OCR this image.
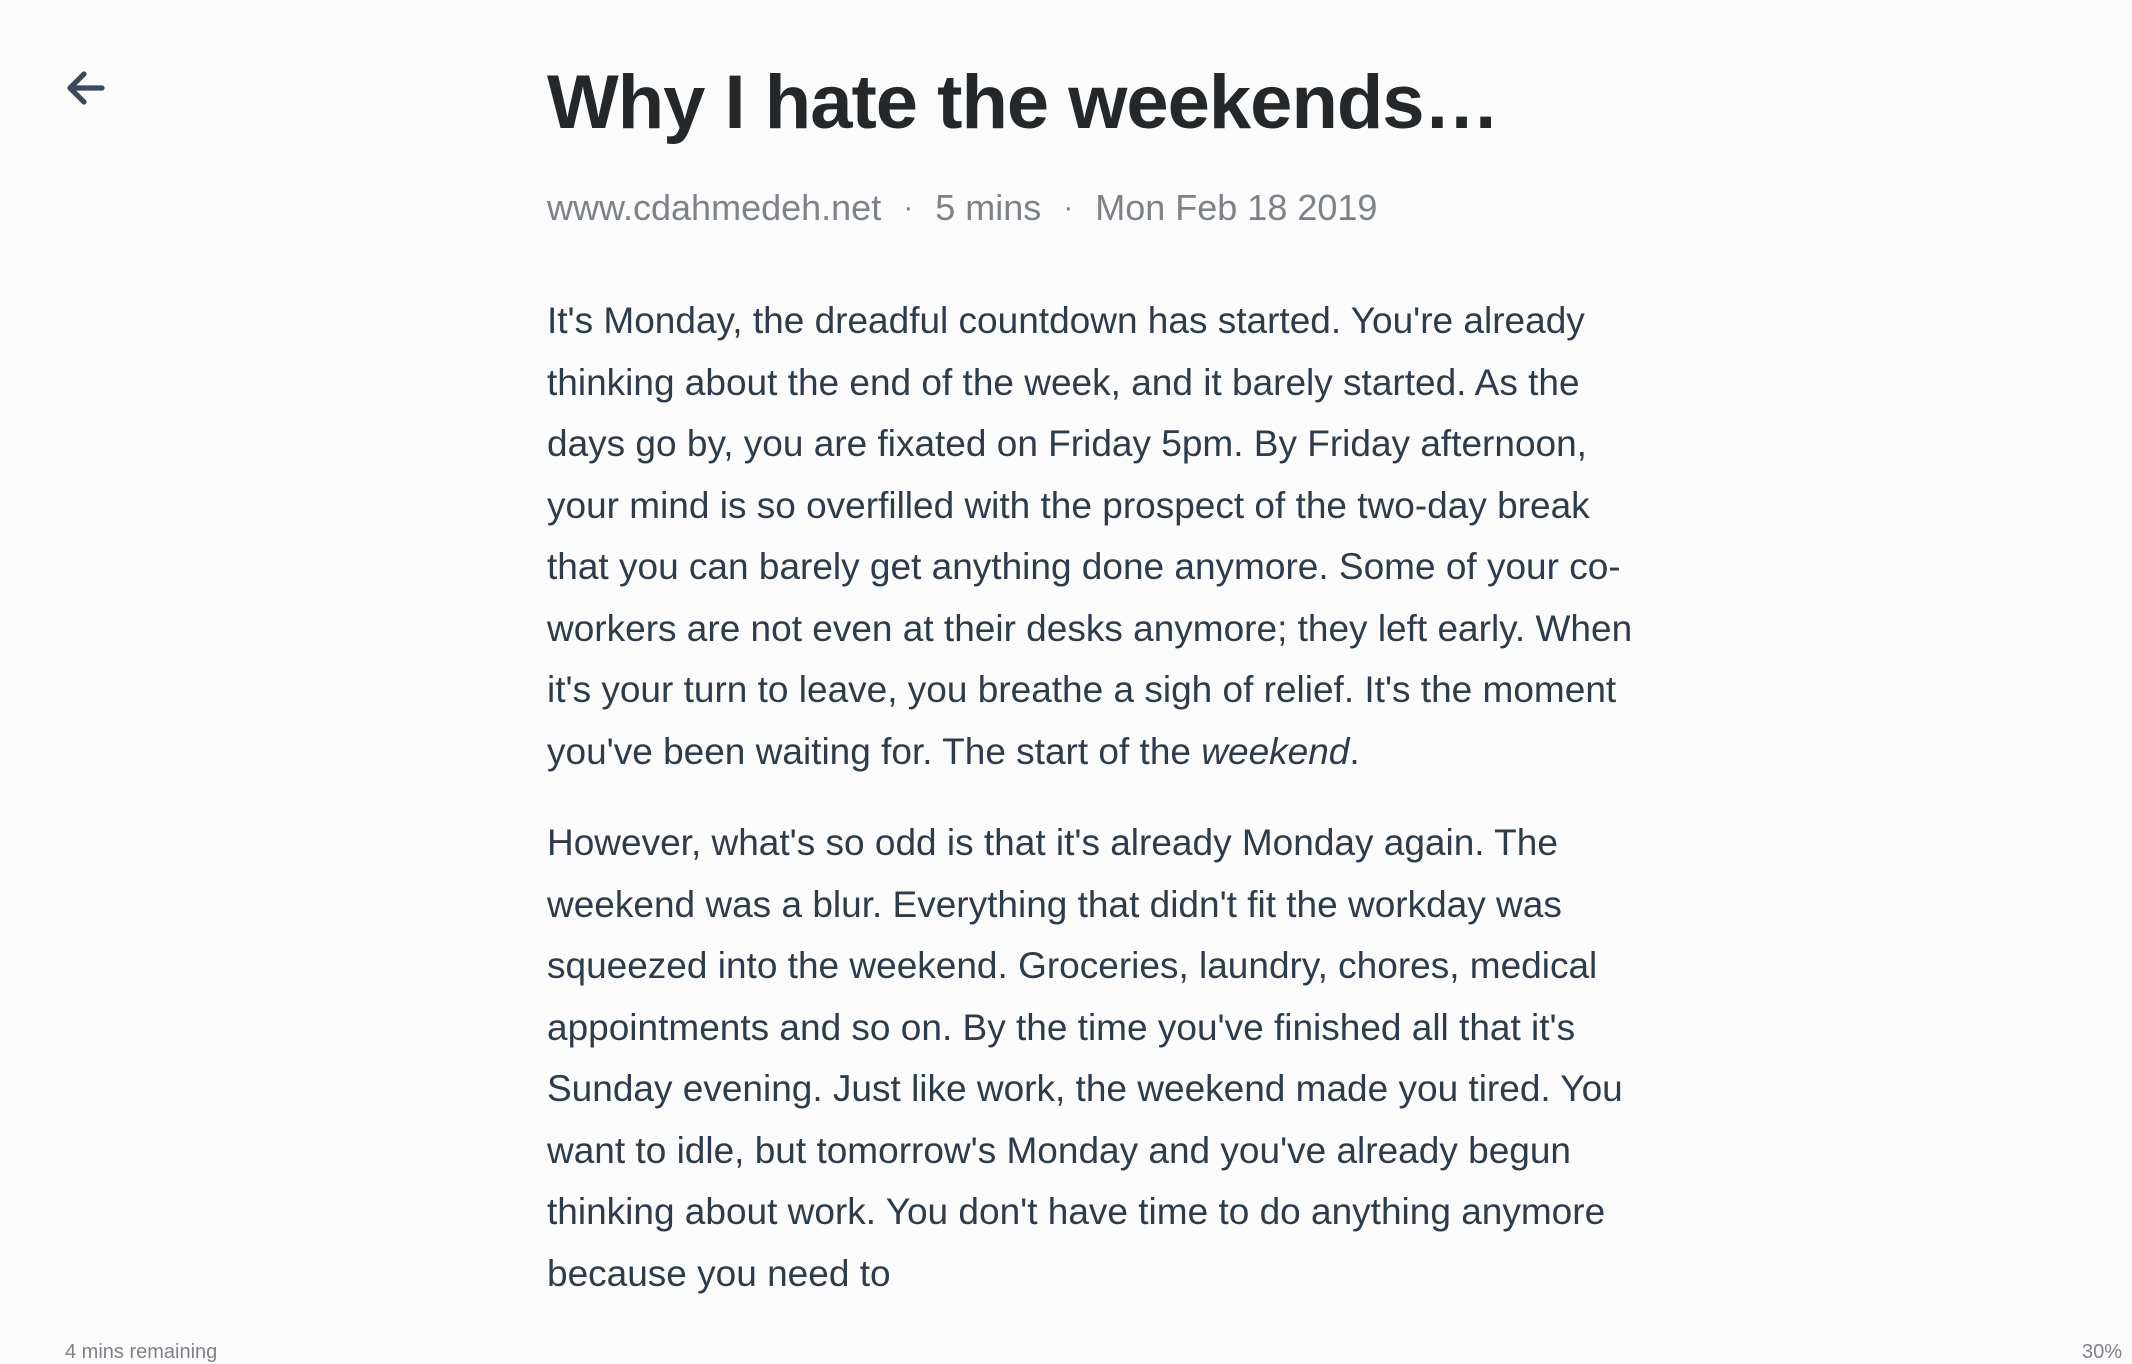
Why I hate the weekends…
www.cdahmedeh.net · 5 mins · Mon Feb 18 2019

It's Monday, the dreadful countdown has started. You're already thinking about the end of the week, and it barely started. As the days go by, you are fixated on Friday 5pm. By Friday afternoon, your mind is so overfilled with the prospect of the two-day break that you can barely get anything done anymore. Some of your co-workers are not even at their desks anymore; they left early. When it's your turn to leave, you breathe a sigh of relief. It's the moment you've been waiting for. The start of the weekend.

However, what's so odd is that it's already Monday again. The weekend was a blur. Everything that didn't fit the workday was squeezed into the weekend. Groceries, laundry, chores, medical appointments and so on. By the time you've finished all that it's Sunday evening. Just like work, the weekend made you tired. You want to idle, but tomorrow's Monday and you've already begun thinking about work. You don't have time to do anything anymore because you need to

4 mins remaining	30%
